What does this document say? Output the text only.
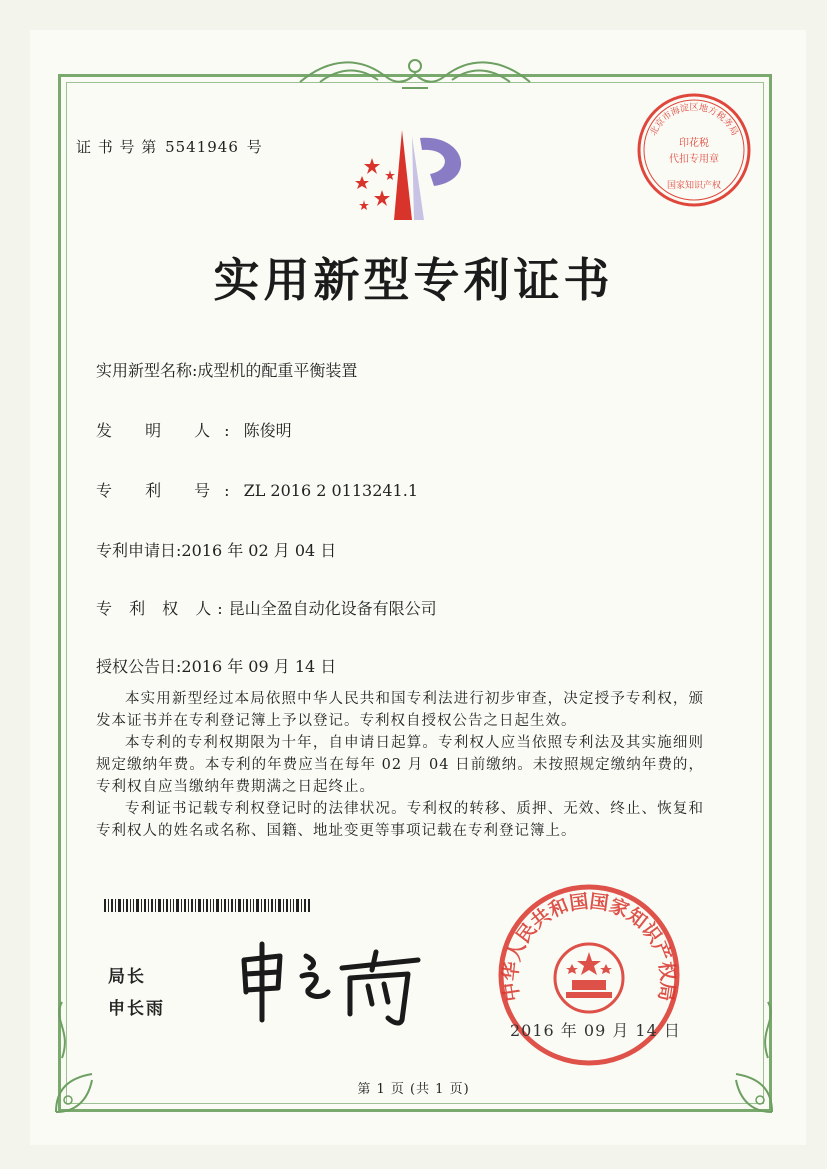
证 书 号 第 5541946 号
北京市海淀区地方税务局
印花税
代扣专用章
国家知识产权
实用新型专利证书
实用新型名称:成型机的配重平衡装置
发 明 人:陈俊明
专 利 号:ZL 2016 2 0113241.1
专利申请日:2016 年 02 月 04 日
专 利 权 人:昆山全盈自动化设备有限公司
授权公告日:2016 年 09 月 14 日

本实用新型经过本局依照中华人民共和国专利法进行初步审查，决定授予专利权，颁发本证书并在专利登记簿上予以登记。专利权自授权公告之日起生效。

本专利的专利权期限为十年，自申请日起算。专利权人应当依照专利法及其实施细则规定缴纳年费。本专利的年费应当在每年 02 月 04 日前缴纳。未按照规定缴纳年费的，专利权自应当缴纳年费期满之日起终止。

专利证书记载专利权登记时的法律状况。专利权的转移、质押、无效、终止、恢复和专利权人的姓名或名称、国籍、地址变更等事项记载在专利登记簿上。

局长
申长雨
中华人民共和国国家知识产权局
2016 年 09 月 14 日
第 1 页 (共 1 页)
